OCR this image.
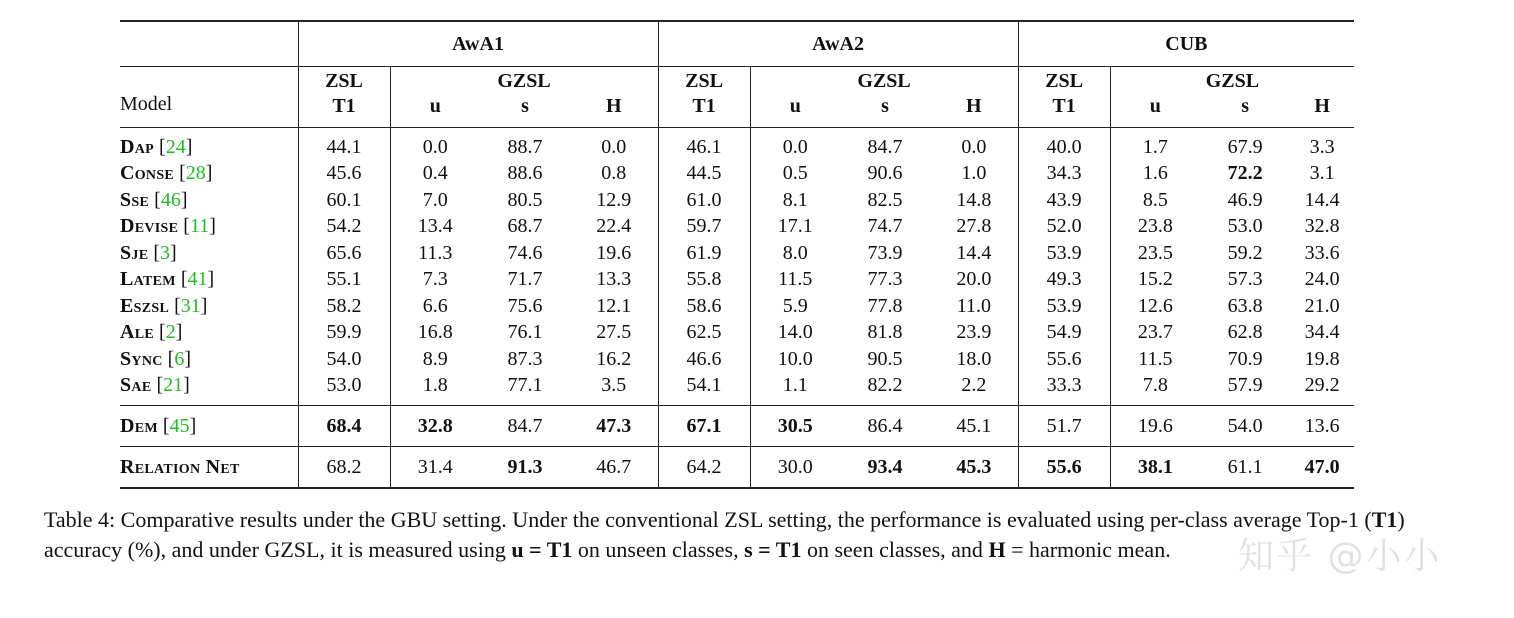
	AwA1				AwA2				CUB			
	ZSL	GZSL			ZSL	GZSL			ZSL	GZSL		
Model	T1	u	s	H	T1	u	s	H	T1	u	s	H
Dap [24]	44.1	0.0	88.7	0.0	46.1	0.0	84.7	0.0	40.0	1.7	67.9	3.3
Conse [28]	45.6	0.4	88.6	0.8	44.5	0.5	90.6	1.0	34.3	1.6	72.2	3.1
Sse [46]	60.1	7.0	80.5	12.9	61.0	8.1	82.5	14.8	43.9	8.5	46.9	14.4
Devise [11]	54.2	13.4	68.7	22.4	59.7	17.1	74.7	27.8	52.0	23.8	53.0	32.8
Sje [3]	65.6	11.3	74.6	19.6	61.9	8.0	73.9	14.4	53.9	23.5	59.2	33.6
Latem [41]	55.1	7.3	71.7	13.3	55.8	11.5	77.3	20.0	49.3	15.2	57.3	24.0
Eszsl [31]	58.2	6.6	75.6	12.1	58.6	5.9	77.8	11.0	53.9	12.6	63.8	21.0
Ale [2]	59.9	16.8	76.1	27.5	62.5	14.0	81.8	23.9	54.9	23.7	62.8	34.4
Sync [6]	54.0	8.9	87.3	16.2	46.6	10.0	90.5	18.0	55.6	11.5	70.9	19.8
Sae [21]	53.0	1.8	77.1	3.5	54.1	1.1	82.2	2.2	33.3	7.8	57.9	29.2
Dem [45]	68.4	32.8	84.7	47.3	67.1	30.5	86.4	45.1	51.7	19.6	54.0	13.6
Relation Net	68.2	31.4	91.3	46.7	64.2	30.0	93.4	45.3	55.6	38.1	61.1	47.0
Table 4: Comparative results under the GBU setting. Under the conventional ZSL setting, the performance is evaluated using per-class average Top-1 (T1) accuracy (%), and under GZSL, it is measured using u = T1 on unseen classes, s = T1 on seen classes, and H = harmonic mean.	知乎 @小小
